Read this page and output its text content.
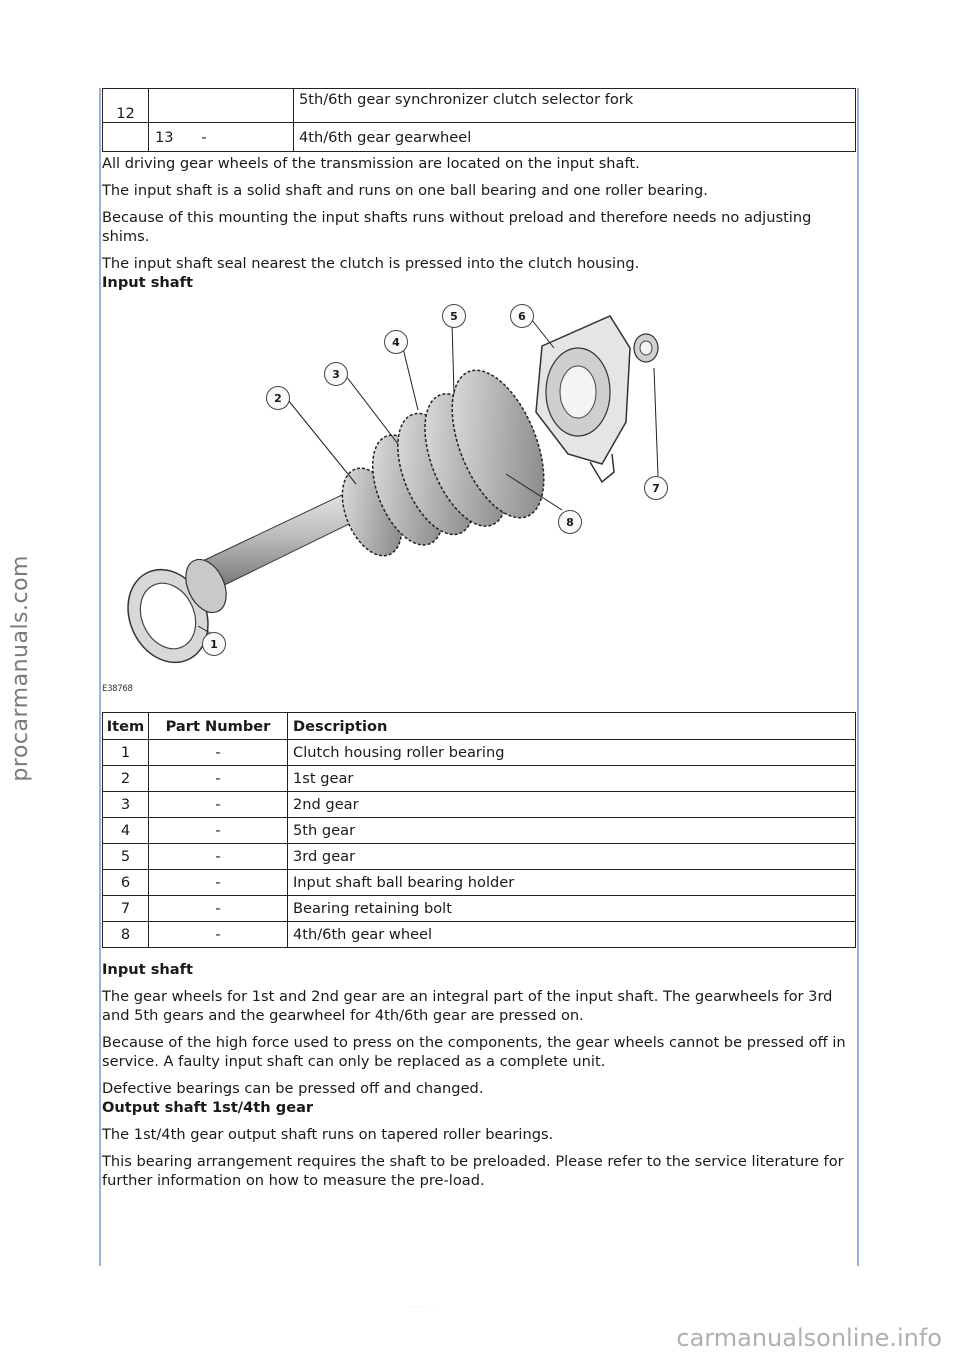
procarmanuals.com
carmanualsonline.info
· · · · ·
12		5th/6th gear synchronizer clutch selector fork
	13      -	4th/6th gear gearwheel

All driving gear wheels of the transmission are located on the input shaft.

The input shaft is a solid shaft and runs on one ball bearing and one roller bearing.

Because of this mounting the input shafts runs without preload and therefore needs no adjusting shims.

The input shaft seal nearest the clutch is pressed into the clutch housing.

Input shaft

1
2
3
4
5	6
7
8
E38768
Item	Part Number	Description
1	-	Clutch housing roller bearing
2	-	1st gear
3	-	2nd gear
4	-	5th gear
5	-	3rd gear
6	-	Input shaft ball bearing holder
7	-	Bearing retaining bolt
8	-	4th/6th gear wheel

Input shaft

The gear wheels for 1st and 2nd gear are an integral part of the input shaft. The gearwheels for 3rd and 5th gears and the gearwheel for 4th/6th gear are pressed on.

Because of the high force used to press on the components, the gear wheels cannot be pressed off in service. A faulty input shaft can only be replaced as a complete unit.

Defective bearings can be pressed off and changed.

Output shaft 1st/4th gear

The 1st/4th gear output shaft runs on tapered roller bearings.

This bearing arrangement requires the shaft to be preloaded. Please refer to the service literature for further information on how to measure the pre-load.
